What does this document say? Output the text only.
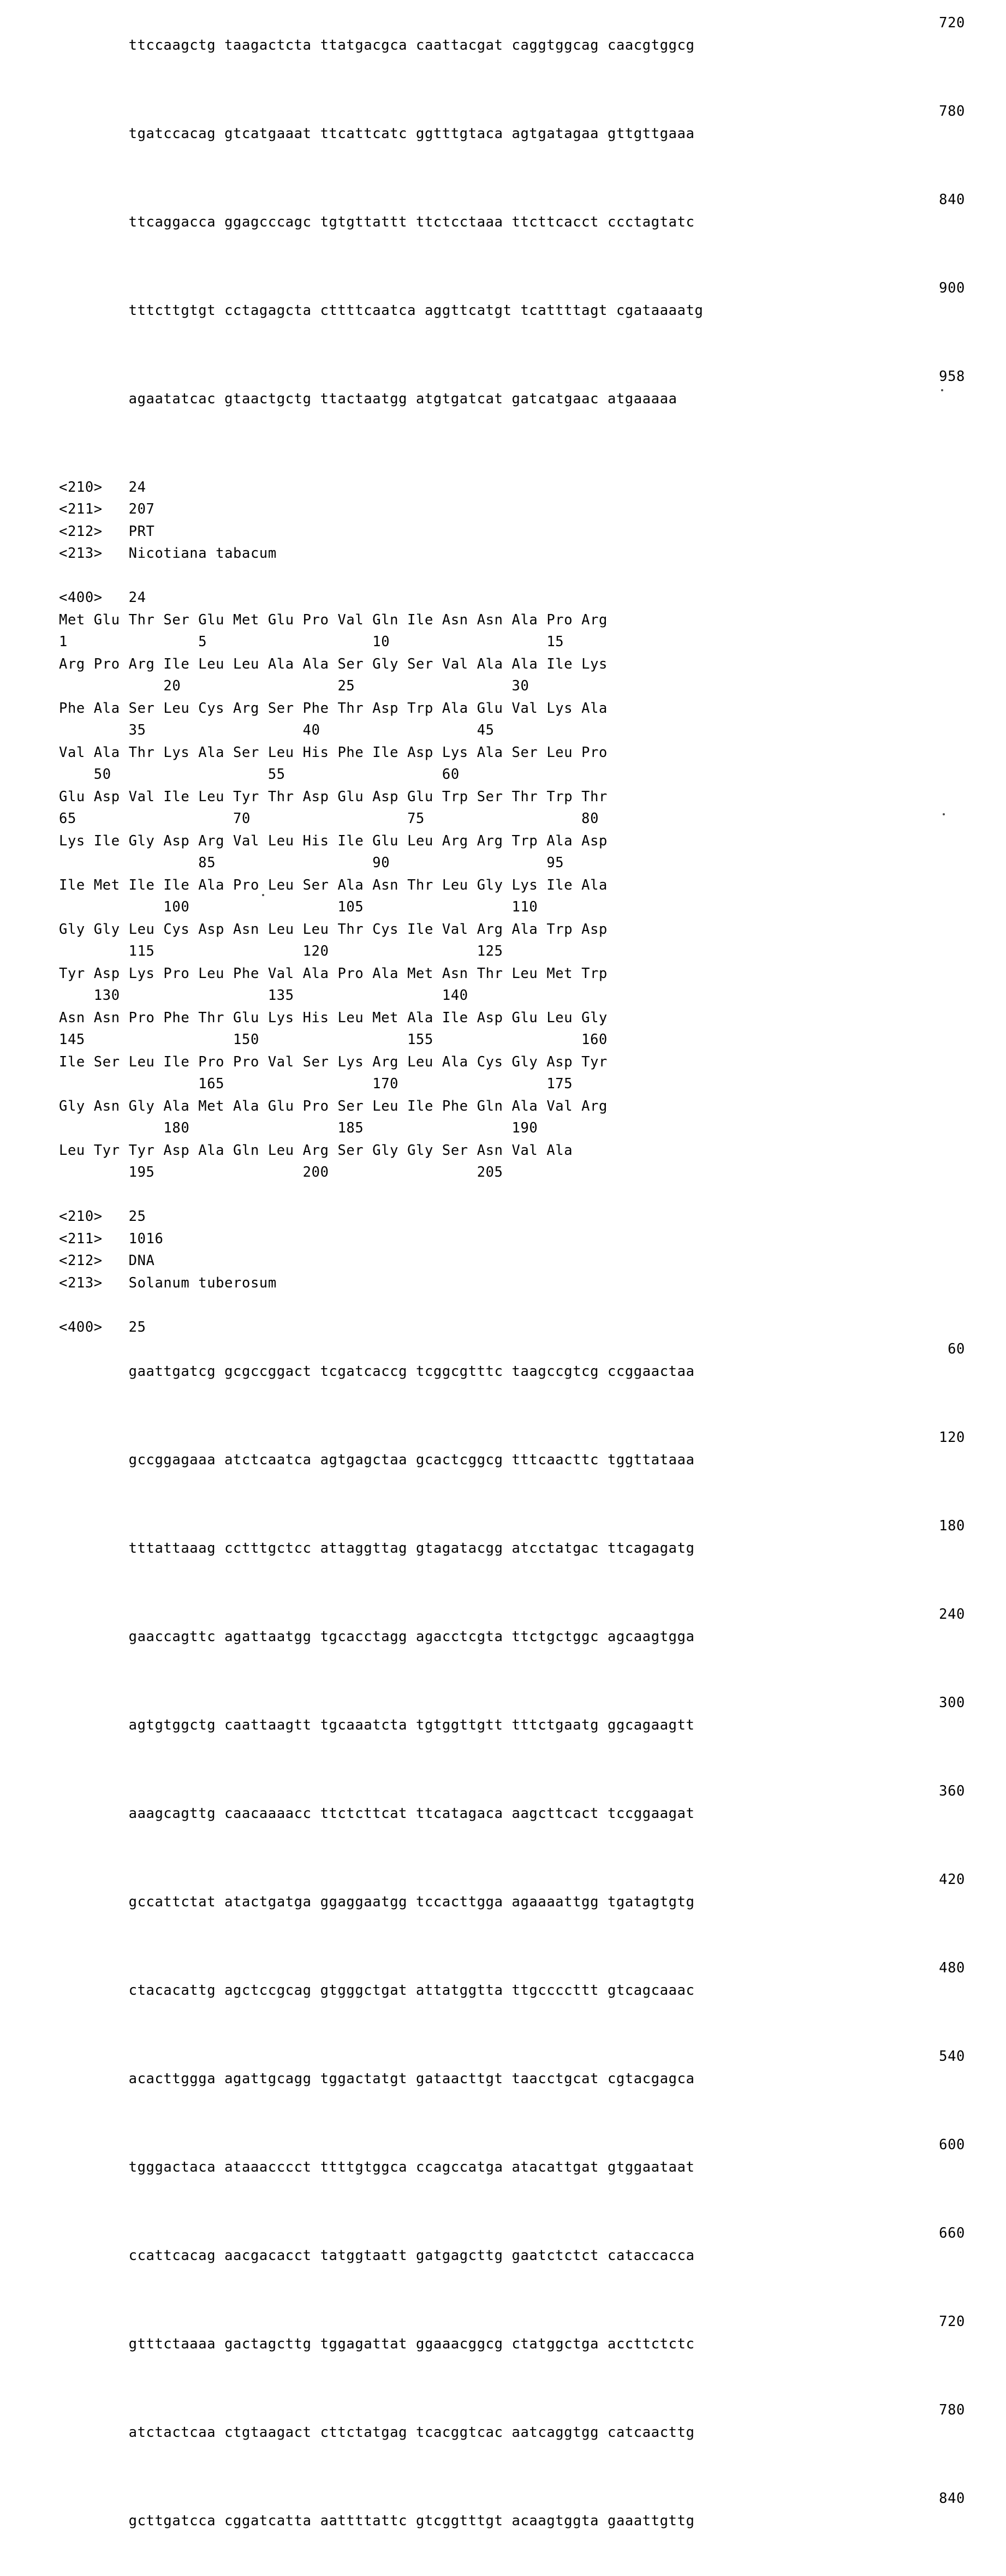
ttccaagctg taagactcta ttatgacgca caattacgat caggtggcag caacgtggcg

720

tgatccacag gtcatgaaat ttcattcatc ggtttgtaca agtgatagaa gttgttgaaa

780

ttcaggacca ggagcccagc tgtgttattt ttctcctaaa ttcttcacct ccctagtatc

840

tttcttgtgt cctagagcta cttttcaatca aggttcatgt tcattttagt cgataaaatg

900

agaatatcac gtaactgctg ttactaatgg atgtgatcat gatcatgaac atgaaaaa

958

<210>   24
<211>   207
<212>   PRT
<213>   Nicotiana tabacum
<400>   24
Met Glu Thr Ser Glu Met Glu Pro Val Gln Ile Asn Asn Ala Pro Arg
1               5                   10                  15
Arg Pro Arg Ile Leu Leu Ala Ala Ser Gly Ser Val Ala Ala Ile Lys
20                  25                  30
Phe Ala Ser Leu Cys Arg Ser Phe Thr Asp Trp Ala Glu Val Lys Ala
35                  40                  45
Val Ala Thr Lys Ala Ser Leu His Phe Ile Asp Lys Ala Ser Leu Pro
50                  55                  60
Glu Asp Val Ile Leu Tyr Thr Asp Glu Asp Glu Trp Ser Thr Trp Thr
65                  70                  75                  80
Lys Ile Gly Asp Arg Val Leu His Ile Glu Leu Arg Arg Trp Ala Asp
85                  90                  95
Ile Met Ile Ile Ala Pro Leu Ser Ala Asn Thr Leu Gly Lys Ile Ala
100                 105                 110
Gly Gly Leu Cys Asp Asn Leu Leu Thr Cys Ile Val Arg Ala Trp Asp
115                 120                 125
Tyr Asp Lys Pro Leu Phe Val Ala Pro Ala Met Asn Thr Leu Met Trp
130                 135                 140
Asn Asn Pro Phe Thr Glu Lys His Leu Met Ala Ile Asp Glu Leu Gly
145                 150                 155                 160
Ile Ser Leu Ile Pro Pro Val Ser Lys Arg Leu Ala Cys Gly Asp Tyr
165                 170                 175
Gly Asn Gly Ala Met Ala Glu Pro Ser Leu Ile Phe Gln Ala Val Arg
180                 185                 190
Leu Tyr Tyr Asp Ala Gln Leu Arg Ser Gly Gly Ser Asn Val Ala
195                 200                 205
<210>   25
<211>   1016
<212>   DNA
<213>   Solanum tuberosum
<400>   25

gaattgatcg gcgccggact tcgatcaccg tcggcgtttc taagccgtcg ccggaactaa

60

gccggagaaa atctcaatca agtgagctaa gcactcggcg tttcaacttc tggttataaa

120

tttattaaag cctttgctcc attaggttag gtagatacgg atcctatgac ttcagagatg

180

gaaccagttc agattaatgg tgcacctagg agacctcgta ttctgctggc agcaagtgga

240

agtgtggctg caattaagtt tgcaaatcta tgtggttgtt tttctgaatg ggcagaagtt

300

aaagcagttg caacaaaacc ttctcttcat ttcatagaca aagcttcact tccggaagat

360

gccattctat atactgatga ggaggaatgg tccacttgga agaaaattgg tgatagtgtg

420

ctacacattg agctccgcag gtgggctgat attatggtta ttgccccttt gtcagcaaac

480

acacttggga agattgcagg tggactatgt gataacttgt taacctgcat cgtacgagca

540

tgggactaca ataaacccct ttttgtggca ccagccatga atacattgat gtggaataat

600

ccattcacag aacgacacct tatggtaatt gatgagcttg gaatctctct cataccacca

660

gtttctaaaa gactagcttg tggagattat ggaaacggcg ctatggctga accttctctc

720

atctactcaa ctgtaagact cttctatgag tcacggtcac aatcaggtgg catcaacttg

780

gcttgatcca cggatcatta aattttattc gtcggtttgt acaagtggta gaaattgttg

840
